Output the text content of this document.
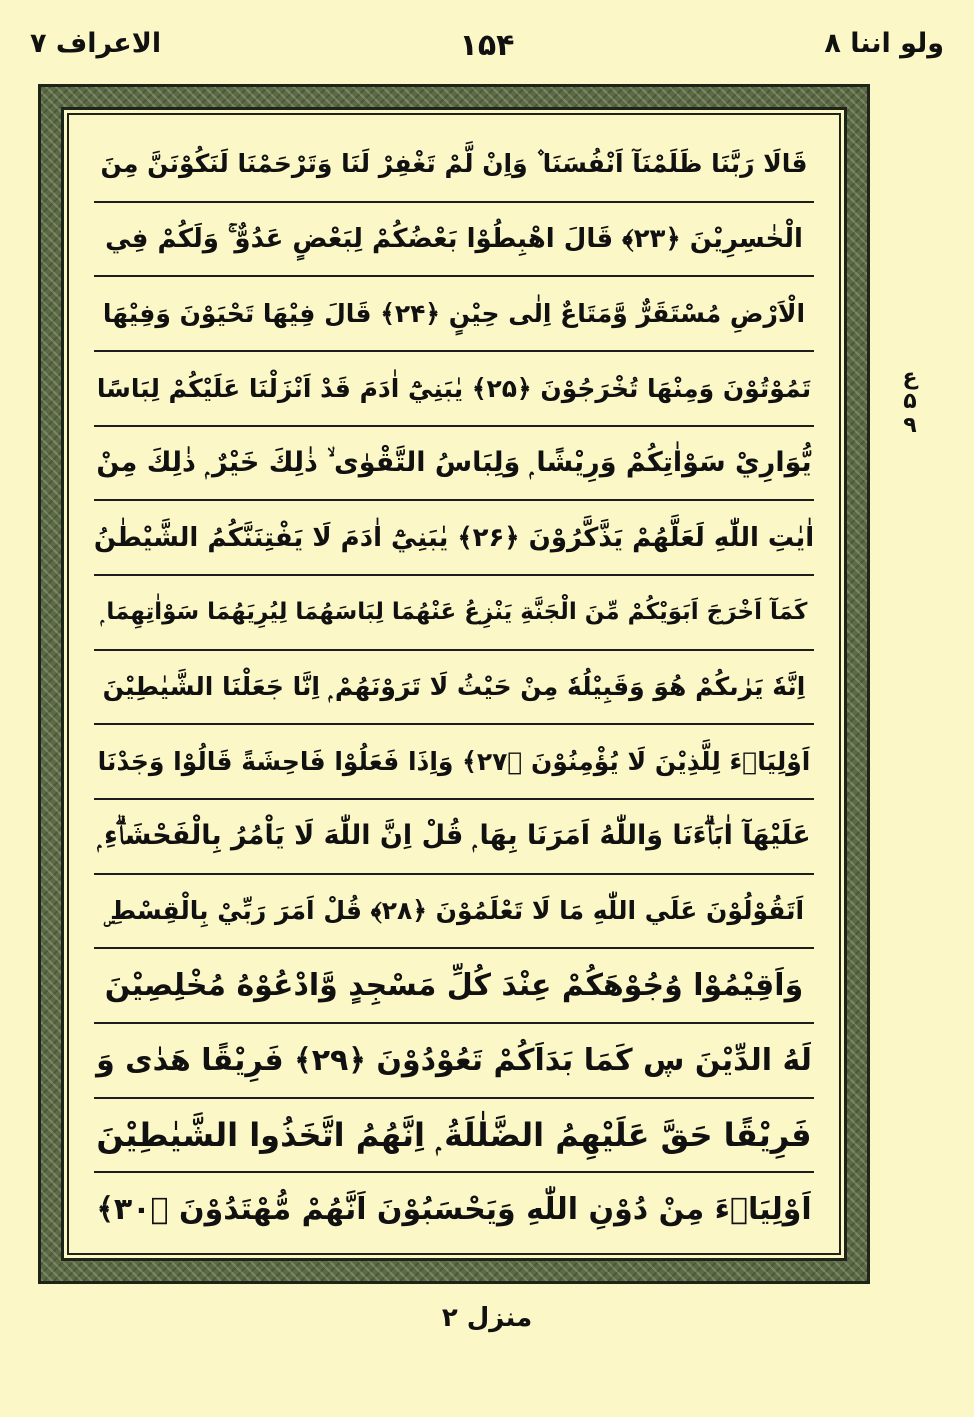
ولو اننا ۸
۱۵۴
الاعراف ۷
قَالَا رَبَّنَا ظَلَمْنَآ اَنْفُسَنَا ۫ وَاِنْ لَّمْ تَغْفِرْ لَنَا وَتَرْحَمْنَا لَنَكُوْنَنَّ مِنَ
الْخٰسِرِيْنَ ﴿۲۳﴾ قَالَ اهْبِطُوْا بَعْضُكُمْ لِبَعْضٍ عَدُوٌّ ۚ وَلَكُمْ فِي
الْاَرْضِ مُسْتَقَرٌّ وَّمَتَاعٌ اِلٰى حِيْنٍ ﴿۲۴﴾ قَالَ فِيْهَا تَحْيَوْنَ وَفِيْهَا
تَمُوْتُوْنَ وَمِنْهَا تُخْرَجُوْنَ ﴿۲۵﴾ يٰبَنِيْٓ اٰدَمَ قَدْ اَنْزَلْنَا عَلَيْكُمْ لِبَاسًا
يُّوَارِيْ سَوْاٰتِكُمْ وَرِيْشًا ۭ وَلِبَاسُ التَّقْوٰى ۙ ذٰلِكَ خَيْرٌ ۭ ذٰلِكَ مِنْ
اٰيٰتِ اللّٰهِ لَعَلَّهُمْ يَذَّكَّرُوْنَ ﴿۲۶﴾ يٰبَنِيْٓ اٰدَمَ لَا يَفْتِنَنَّكُمُ الشَّيْطٰنُ
كَمَآ اَخْرَجَ اَبَوَيْكُمْ مِّنَ الْجَنَّةِ يَنْزِعُ عَنْهُمَا لِبَاسَهُمَا لِيُرِيَهُمَا سَوْاٰتِهِمَا ۭ
اِنَّهٗ يَرٰىكُمْ هُوَ وَقَبِيْلُهٗ مِنْ حَيْثُ لَا تَرَوْنَهُمْ ۭ اِنَّا جَعَلْنَا الشَّيٰطِيْنَ
اَوْلِيَاۗءَ لِلَّذِيْنَ لَا يُؤْمِنُوْنَ ﴿۲۷﴾ وَاِذَا فَعَلُوْا فَاحِشَةً قَالُوْا وَجَدْنَا
عَلَيْهَآ اٰبَاۗءَنَا وَاللّٰهُ اَمَرَنَا بِهَا ۭ قُلْ اِنَّ اللّٰهَ لَا يَاْمُرُ بِالْفَحْشَاۗءِ ۭ
اَتَقُوْلُوْنَ عَلَي اللّٰهِ مَا لَا تَعْلَمُوْنَ ﴿۲۸﴾ قُلْ اَمَرَ رَبِّيْ بِالْقِسْطِ ۣ
وَاَقِيْمُوْا وُجُوْهَكُمْ عِنْدَ كُلِّ مَسْجِدٍ وَّادْعُوْهُ مُخْلِصِيْنَ
لَهُ الدِّيْنَ ڛ كَمَا بَدَاَكُمْ تَعُوْدُوْنَ ﴿۲۹﴾ فَرِيْقًا هَدٰى وَ
فَرِيْقًا حَقَّ عَلَيْهِمُ الضَّلٰلَةُ ۭ اِنَّهُمُ اتَّخَذُوا الشَّيٰطِيْنَ
اَوْلِيَاۗءَ مِنْ دُوْنِ اللّٰهِ وَيَحْسَبُوْنَ اَنَّهُمْ مُّهْتَدُوْنَ ﴿۳۰﴾
ع
۵
۹
منزل ۲
